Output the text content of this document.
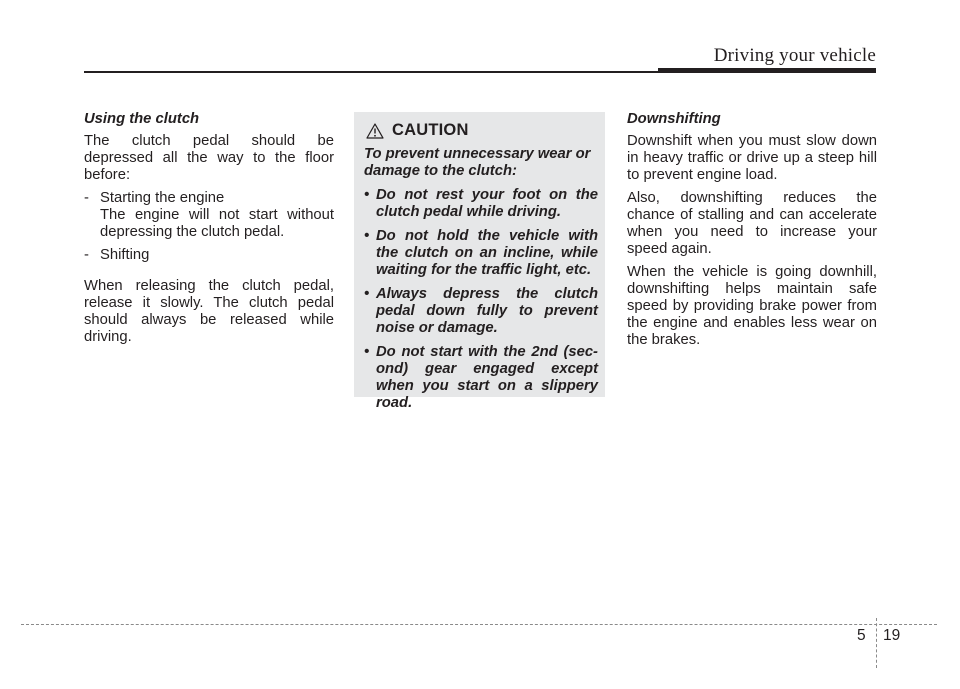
Driving your vehicle
Using the clutch
The clutch pedal should be depressed all the way to the floor before:
- Starting the engine
The engine will not start without depressing the clutch pedal.
- Shifting
When releasing the clutch pedal, release it slowly. The clutch pedal should always be released while driving.
CAUTION
To prevent unnecessary wear or damage to the clutch:
• Do not rest your foot on the clutch pedal while driving.
• Do not hold the vehicle with the clutch on an incline, while waiting for the traffic light, etc.
• Always depress the clutch pedal down fully to prevent noise or damage.
• Do not start with the 2nd (sec-ond) gear engaged except when you start on a slippery road.
Downshifting
Downshift when you must slow down in heavy traffic or drive up a steep hill to prevent engine load.
Also, downshifting reduces the chance of stalling and can accelerate when you need to increase your speed again.
When the vehicle is going downhill, downshifting helps maintain safe speed by providing brake power from the engine and enables less wear on the brakes.
5 19
